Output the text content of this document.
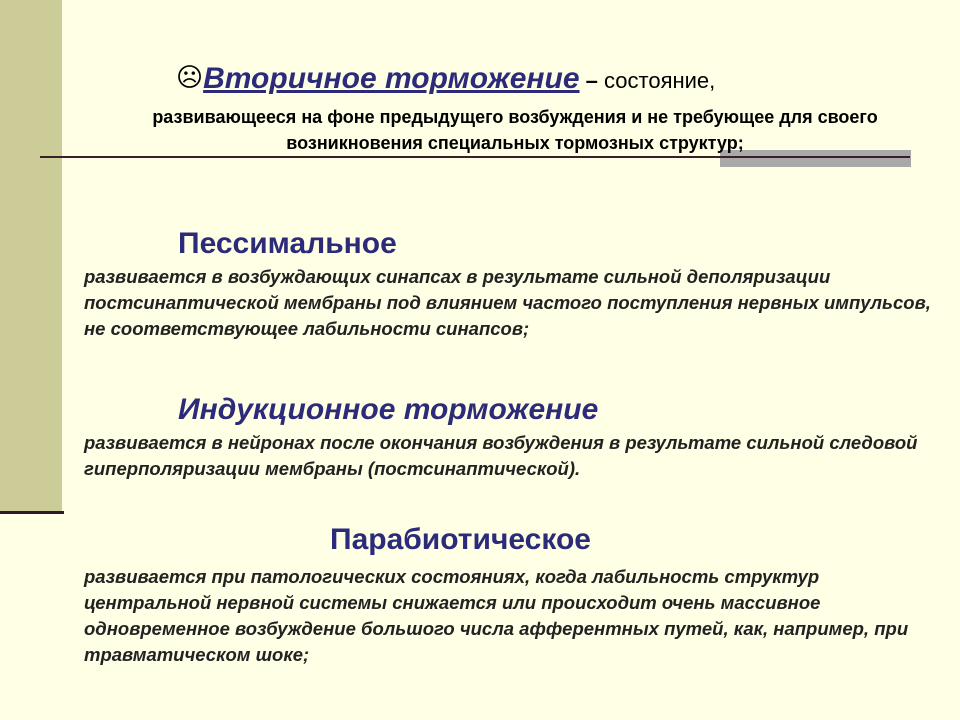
☹Вторичное торможение – состояние,
развивающееся на фоне предыдущего возбуждения и не требующее для своего возникновения специальных тормозных структур;
Пессимальное
развивается в возбуждающих синапсах в результате сильной деполяризации постсинаптической мембраны под влиянием частого поступления нервных импульсов, не соответствующее лабильности синапсов;
Индукционное торможение
развивается в нейронах после окончания возбуждения в результате сильной следовой гиперполяризации мембраны (постсинаптической).
Парабиотическое
развивается при патологических состояниях, когда лабильность структур центральной нервной системы снижается или происходит очень массивное одновременное возбуждение большого числа афферентных путей, как, например, при травматическом шоке;
